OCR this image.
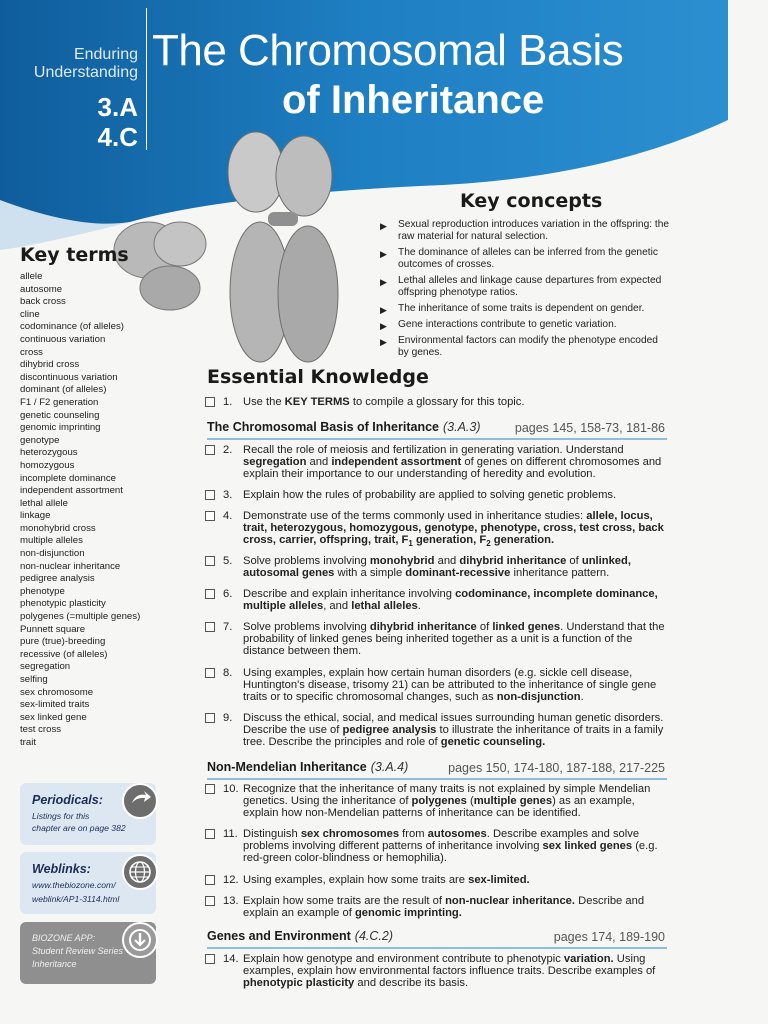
Enduring
Understanding
3.A
4.C
The Chromosomal Basis
of Inheritance
Key concepts
▶ Sexual reproduction introduces variation in the offspring: the raw material for natural selection.
▶ The dominance of alleles can be inferred from the genetic outcomes of crosses.
▶ Lethal alleles and linkage cause departures from expected offspring phenotype ratios.
▶ The inheritance of some traits is dependent on gender.
▶ Gene interactions contribute to genetic variation.
▶ Environmental factors can modify the phenotype encoded by genes.
Key terms
allele
autosome
back cross
cline
codominance (of alleles)
continuous variation
cross
dihybrid cross
discontinuous variation
dominant (of alleles)
F1 / F2 generation
genetic counseling
genomic imprinting
genotype
heterozygous
homozygous
incomplete dominance
independent assortment
lethal allele
linkage
monohybrid cross
multiple alleles
non-disjunction
non-nuclear inheritance
pedigree analysis
phenotype
phenotypic plasticity
polygenes (=multiple genes)
Punnett square
pure (true)-breeding
recessive (of alleles)
segregation
selfing
sex chromosome
sex-limited traits
sex linked gene
test cross
trait
Periodicals:
Listings for this
chapter are on page 382
Weblinks:
www.thebiozone.com/
weblink/AP1-3114.html
BIOZONE APP:
Student Review Series
Inheritance
Essential Knowledge
1. Use the KEY TERMS to compile a glossary for this topic.
The Chromosomal Basis of Inheritance (3.A.3)	pages 145, 158-73, 181-86
2. Recall the role of meiosis and fertilization in generating variation. Understand segregation and independent assortment of genes on different chromosomes and explain their importance to our understanding of heredity and evolution.
3. Explain how the rules of probability are applied to solving genetic problems.
4. Demonstrate use of the terms commonly used in inheritance studies: allele, locus, trait, heterozygous, homozygous, genotype, phenotype, cross, test cross, back cross, carrier, offspring, trait, $F_1$ generation, $F_2$ generation.
5. Solve problems involving monohybrid and dihybrid inheritance of unlinked, autosomal genes with a simple dominant-recessive inheritance pattern.
6. Describe and explain inheritance involving codominance, incomplete dominance, multiple alleles, and lethal alleles.
7. Solve problems involving dihybrid inheritance of linked genes. Understand that the probability of linked genes being inherited together as a unit is a function of the distance between them.
8. Using examples, explain how certain human disorders (e.g. sickle cell disease, Huntington's disease, trisomy 21) can be attributed to the inheritance of single gene traits or to specific chromosomal changes, such as non-disjunction.
9. Discuss the ethical, social, and medical issues surrounding human genetic disorders. Describe the use of pedigree analysis to illustrate the inheritance of traits in a family tree. Describe the principles and role of genetic counseling.
Non-Mendelian Inheritance (3.A.4)	pages 150, 174-180, 187-188, 217-225
10. Recognize that the inheritance of many traits is not explained by simple Mendelian genetics. Using the inheritance of polygenes (multiple genes) as an example, explain how non-Mendelian patterns of inheritance can be identified.
11. Distinguish sex chromosomes from autosomes. Describe examples and solve problems involving different patterns of inheritance involving sex linked genes (e.g. red-green color-blindness or hemophilia).
12. Using examples, explain how some traits are sex-limited.
13. Explain how some traits are the result of non-nuclear inheritance. Describe and explain an example of genomic imprinting.
Genes and Environment (4.C.2)	pages 174, 189-190
14. Explain how genotype and environment contribute to phenotypic variation. Using examples, explain how environmental factors influence traits. Describe examples of phenotypic plasticity and describe its basis.
